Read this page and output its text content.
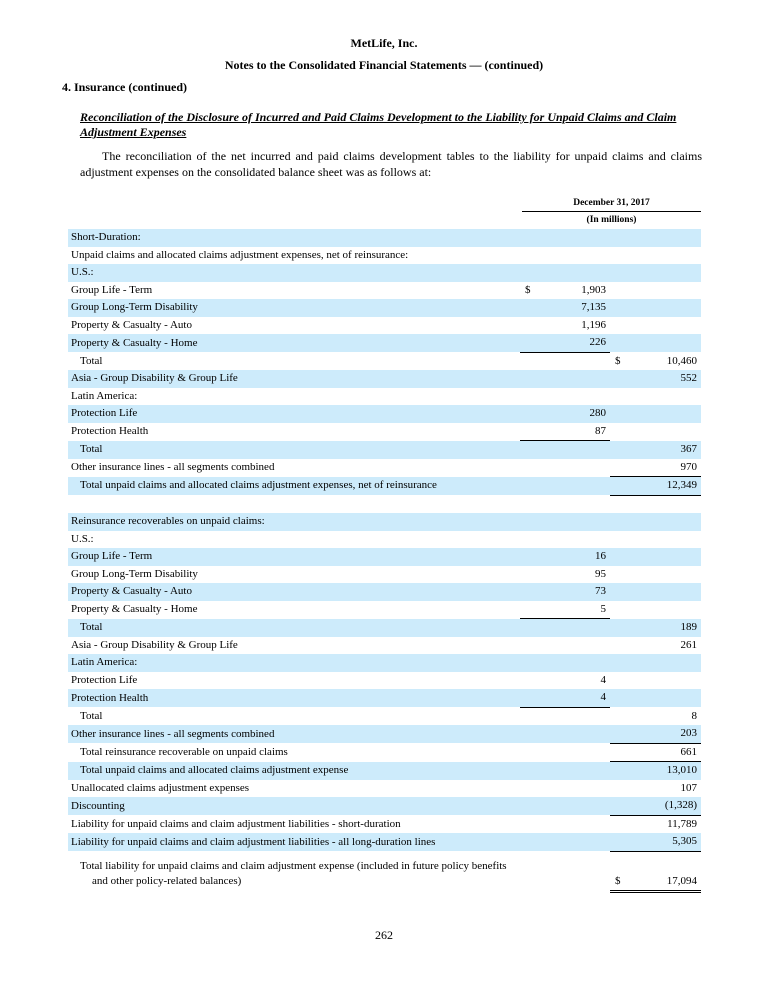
MetLife, Inc.
Notes to the Consolidated Financial Statements — (continued)
4. Insurance (continued)
Reconciliation of the Disclosure of Incurred and Paid Claims Development to the Liability for Unpaid Claims and Claim Adjustment Expenses
The reconciliation of the net incurred and paid claims development tables to the liability for unpaid claims and claims adjustment expenses on the consolidated balance sheet was as follows at:
December 31, 2017
(In millions)
Short-Duration:		
Unpaid claims and allocated claims adjustment expenses, net of reinsurance:		
U.S.:		
Group Life - Term	$ 1,903	
Group Long-Term Disability	7,135	
Property & Casualty - Auto	1,196	
Property & Casualty - Home	226	
Total		$ 10,460
Asia - Group Disability & Group Life		552
Latin America:		
Protection Life	280	
Protection Health	87	
Total		367
Other insurance lines - all segments combined		970
Total unpaid claims and allocated claims adjustment expenses, net of reinsurance		12,349

Reinsurance recoverables on unpaid claims:		
U.S.:		
Group Life - Term	16	
Group Long-Term Disability	95	
Property & Casualty - Auto	73	
Property & Casualty - Home	5	
Total		189
Asia - Group Disability & Group Life		261
Latin America:		
Protection Life	4	
Protection Health	4	
Total		8
Other insurance lines - all segments combined		203
Total reinsurance recoverable on unpaid claims		661
Total unpaid claims and allocated claims adjustment expense		13,010
Unallocated claims adjustment expenses		107
Discounting		(1,328)
Liability for unpaid claims and claim adjustment liabilities - short-duration		11,789
Liability for unpaid claims and claim adjustment liabilities - all long-duration lines		5,305

Total liability for unpaid claims and claim adjustment expense (included in future policy benefits and other policy-related balances)		$ 17,094
262
